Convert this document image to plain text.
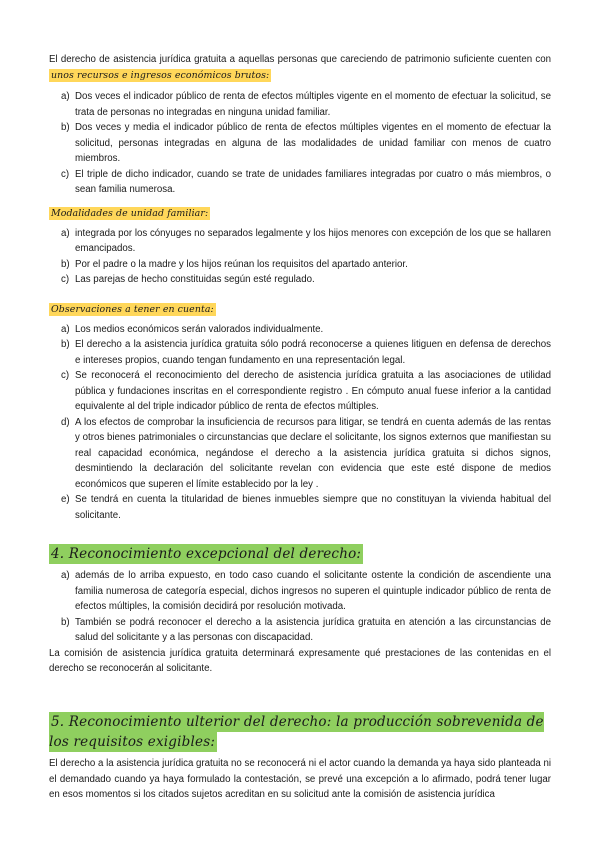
El derecho de asistencia jurídica gratuita a aquellas personas que careciendo de patrimonio suficiente cuenten con unos recursos e ingresos económicos brutos:

a) Dos veces el indicador público de renta de efectos múltiples vigente en el momento de efectuar la solicitud, se trata de personas no integradas en ninguna unidad familiar.
b) Dos veces y media el indicador público de renta de efectos múltiples vigentes en el momento de efectuar la solicitud, personas integradas en alguna de las modalidades de unidad familiar con menos de cuatro miembros.
c) El triple de dicho indicador, cuando se trate de unidades familiares integradas por cuatro o más miembros, o sean familia numerosa.

Modalidades de unidad familiar:

a) integrada por los cónyuges no separados legalmente y los hijos menores con excepción de los que se hallaren emancipados.
b) Por el padre o la madre y los hijos reúnan los requisitos del apartado anterior.
c) Las parejas de hecho constituidas según esté regulado.

Observaciones a tener en cuenta:

a) Los medios económicos serán valorados individualmente.
b) El derecho a la asistencia jurídica gratuita sólo podrá reconocerse a quienes litiguen en defensa de derechos e intereses propios, cuando tengan fundamento en una representación legal.
c) Se reconocerá el reconocimiento del derecho de asistencia jurídica gratuita a las asociaciones de utilidad pública y fundaciones inscritas en el correspondiente registro . En cómputo anual fuese inferior a la cantidad equivalente al del triple indicador público de renta de efectos múltiples.
d) A los efectos de comprobar la insuficiencia de recursos para litigar, se tendrá en cuenta además de las rentas y otros bienes patrimoniales o circunstancias que declare el solicitante, los signos externos que manifiestan su real capacidad económica, negándose el derecho a la asistencia jurídica gratuita si dichos signos, desmintiendo la declaración del solicitante revelan con evidencia que este esté dispone de medios económicos que superen el límite establecido por la ley .
e) Se tendrá en cuenta la titularidad de bienes inmuebles siempre que no constituyan la vivienda habitual del solicitante.

4. Reconocimiento excepcional del derecho:

a) además de lo arriba expuesto, en todo caso cuando el solicitante ostente la condición de ascendiente una familia numerosa de categoría especial, dichos ingresos no superen el quintuple indicador público de renta de efectos múltiples, la comisión decidirá por resolución motivada.
b) También se podrá reconocer el derecho a la asistencia jurídica gratuita en atención a las circunstancias de salud del solicitante y a las personas con discapacidad.

La comisión de asistencia jurídica gratuita determinará expresamente qué prestaciones de las contenidas en el derecho se reconocerán al solicitante.

5. Reconocimiento ulterior del derecho: la producción sobrevenida de los requisitos exigibles:

El derecho a la asistencia jurídica gratuita no se reconocerá ni el actor cuando la demanda ya haya sido planteada ni el demandado cuando ya haya formulado la contestación, se prevé una excepción a lo afirmado, podrá tener lugar en esos momentos si los citados sujetos acreditan en su solicitud ante la comisión de asistencia jurídica
